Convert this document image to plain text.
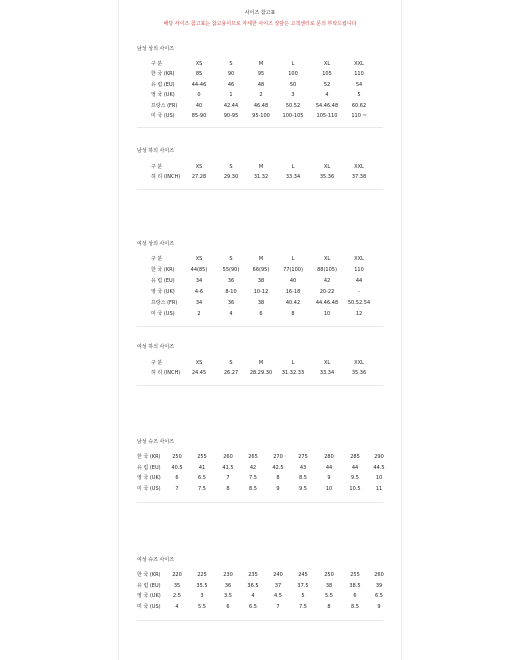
사이즈 참고표
해당 사이즈 참고표는 참고용이므로 자세한 사이즈 상담은 고객센터로 문의 부탁드립니다
남성 상의 사이즈
구 분	XS	S	M	L	XL	XXL
한 국 (KR)	85	90	95	100	105	110
유 럽 (EU)	44-46	46	48	50	52	54
영 국 (UK)	0	1	2	3	4	5
프랑스 (FR)	40	42.44	46.48	50.52	54.46.48	60.62
미 국 (US)	85-90	90-95	95-100	100-105	105-110	110 ~
남성 하의 사이즈
구 분	XS	S	M	L	XL	XXL
허 리 (INCH)	27.28	29.30	31.32	33.34	35.36	37.38
여성 상의 사이즈
구 분	XS	S	M	L	XL	XXL
한 국 (KR)	44(85)	55(90)	66(95)	77(100)	88(105)	110
유 럽 (EU)	34	36	38	40	42	44
영 국 (UK)	4-6	8-10	10-12	16-18	20-22	-
프랑스 (FR)	34	36	38	40.42	44.46.48	50.52.54
미 국 (US)	2	4	6	8	10	12
여성 하의 사이즈
구 분	XS	S	M	L	XL	XXL
허 리 (INCH)	24.45	26.27	28.29.30	31.32.33	33.34	35.36
남성 슈즈 사이즈
한 국 (KR)	250	255	260	265	270	275	280	285	290
유 럽 (EU)	40.5	41	41.5	42	42.5	43	44	44	44.5
영 국 (UK)	6	6.5	7	7.5	8	8.5	9	9.5	10
미 국 (US)	7	7.5	8	8.5	9	9.5	10	10.5	11
여성 슈즈 사이즈
한 국 (KR)	220	225	230	235	240	245	250	255	260
유 럽 (EU)	35	35.5	36	36.5	37	37.5	38	38.5	39
영 국 (UK)	2.5	3	3.5	4	4.5	5	5.5	6	6.5
미 국 (US)	4	5.5	6	6.5	7	7.5	8	8.5	9
